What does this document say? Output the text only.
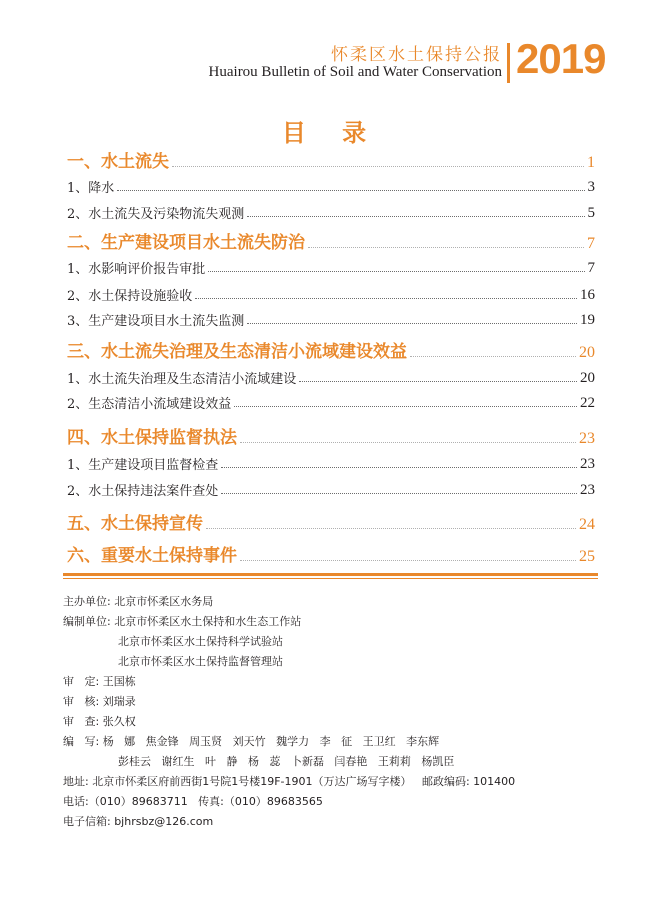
怀柔区水土保持公报
Huairou Bulletin of Soil and Water Conservation 2019
目 录
一、水土流失	1
1、降水	3
2、水土流失及污染物流失观测	5
二、生产建设项目水土流失防治	7
1、水影响评价报告审批	7
2、水土保持设施验收	16
3、生产建设项目水土流失监测	19
三、水土流失治理及生态清洁小流域建设效益	20
1、水土流失治理及生态清洁小流域建设	20
2、生态清洁小流域建设效益	22
四、水土保持监督执法	23
1、生产建设项目监督检查	23
2、水土保持违法案件查处	23
五、水土保持宣传	24
六、重要水土保持事件	25
主办单位: 北京市怀柔区水务局
编制单位: 北京市怀柔区水土保持和水生态工作站
北京市怀柔区水土保持科学试验站
北京市怀柔区水土保持监督管理站
审   定: 王国栋
审   核: 刘瑞录
审   查: 张久权
编   写: 杨   娜   焦金锋   周玉贤   刘天竹   魏学力   李   征   王卫红   李东辉
彭桂云   谢红生   叶   静   杨   蕊   卜新磊   闫春艳   王莉莉   杨凯臣
地址: 北京市怀柔区府前西街1号院1号楼19F-1901（万达广场写字楼）   邮政编码: 101400
电话:（010）89683711   传真:（010）89683565
电子信箱: bjhrsbz@126.com
